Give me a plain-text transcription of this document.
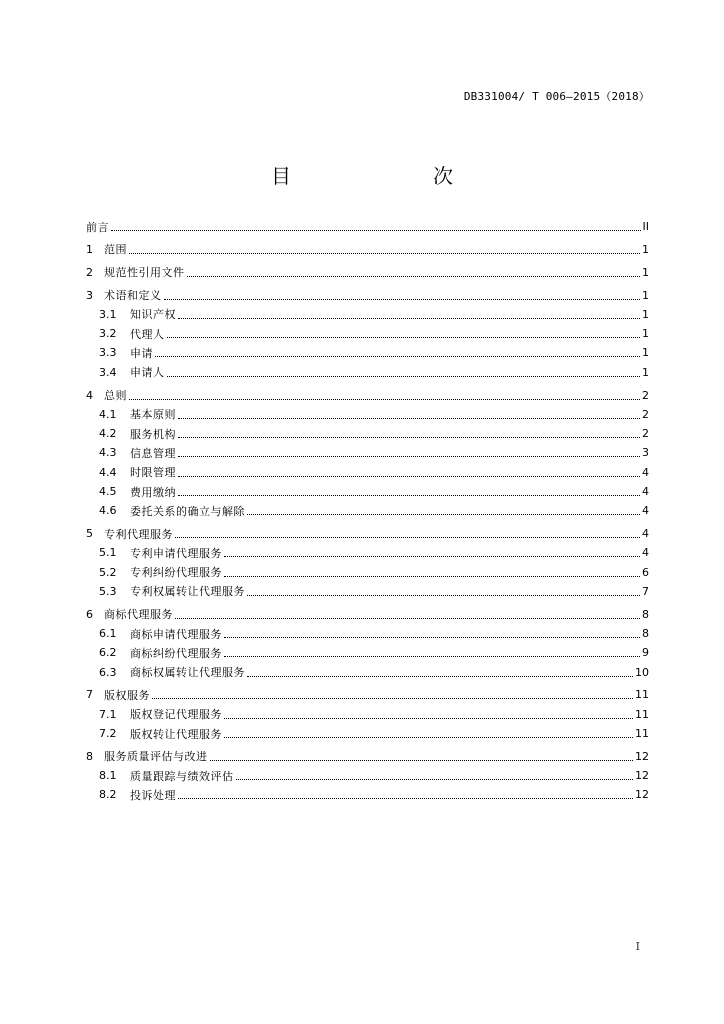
DB331004/ T 006—2015（2018）
目　　次
前言	II
1	范围	1
2	规范性引用文件	1
3	术语和定义	1
3.1	知识产权	1
3.2	代理人	1
3.3	申请	1
3.4	申请人	1
4	总则	2
4.1	基本原则	2
4.2	服务机构	2
4.3	信息管理	3
4.4	时限管理	4
4.5	费用缴纳	4
4.6	委托关系的确立与解除	4
5	专利代理服务	4
5.1	专利申请代理服务	4
5.2	专利纠纷代理服务	6
5.3	专利权属转让代理服务	7
6	商标代理服务	8
6.1	商标申请代理服务	8
6.2	商标纠纷代理服务	9
6.3	商标权属转让代理服务	10
7	版权服务	11
7.1	版权登记代理服务	11
7.2	版权转让代理服务	11
8	服务质量评估与改进	12
8.1	质量跟踪与绩效评估	12
8.2	投诉处理	12
I
